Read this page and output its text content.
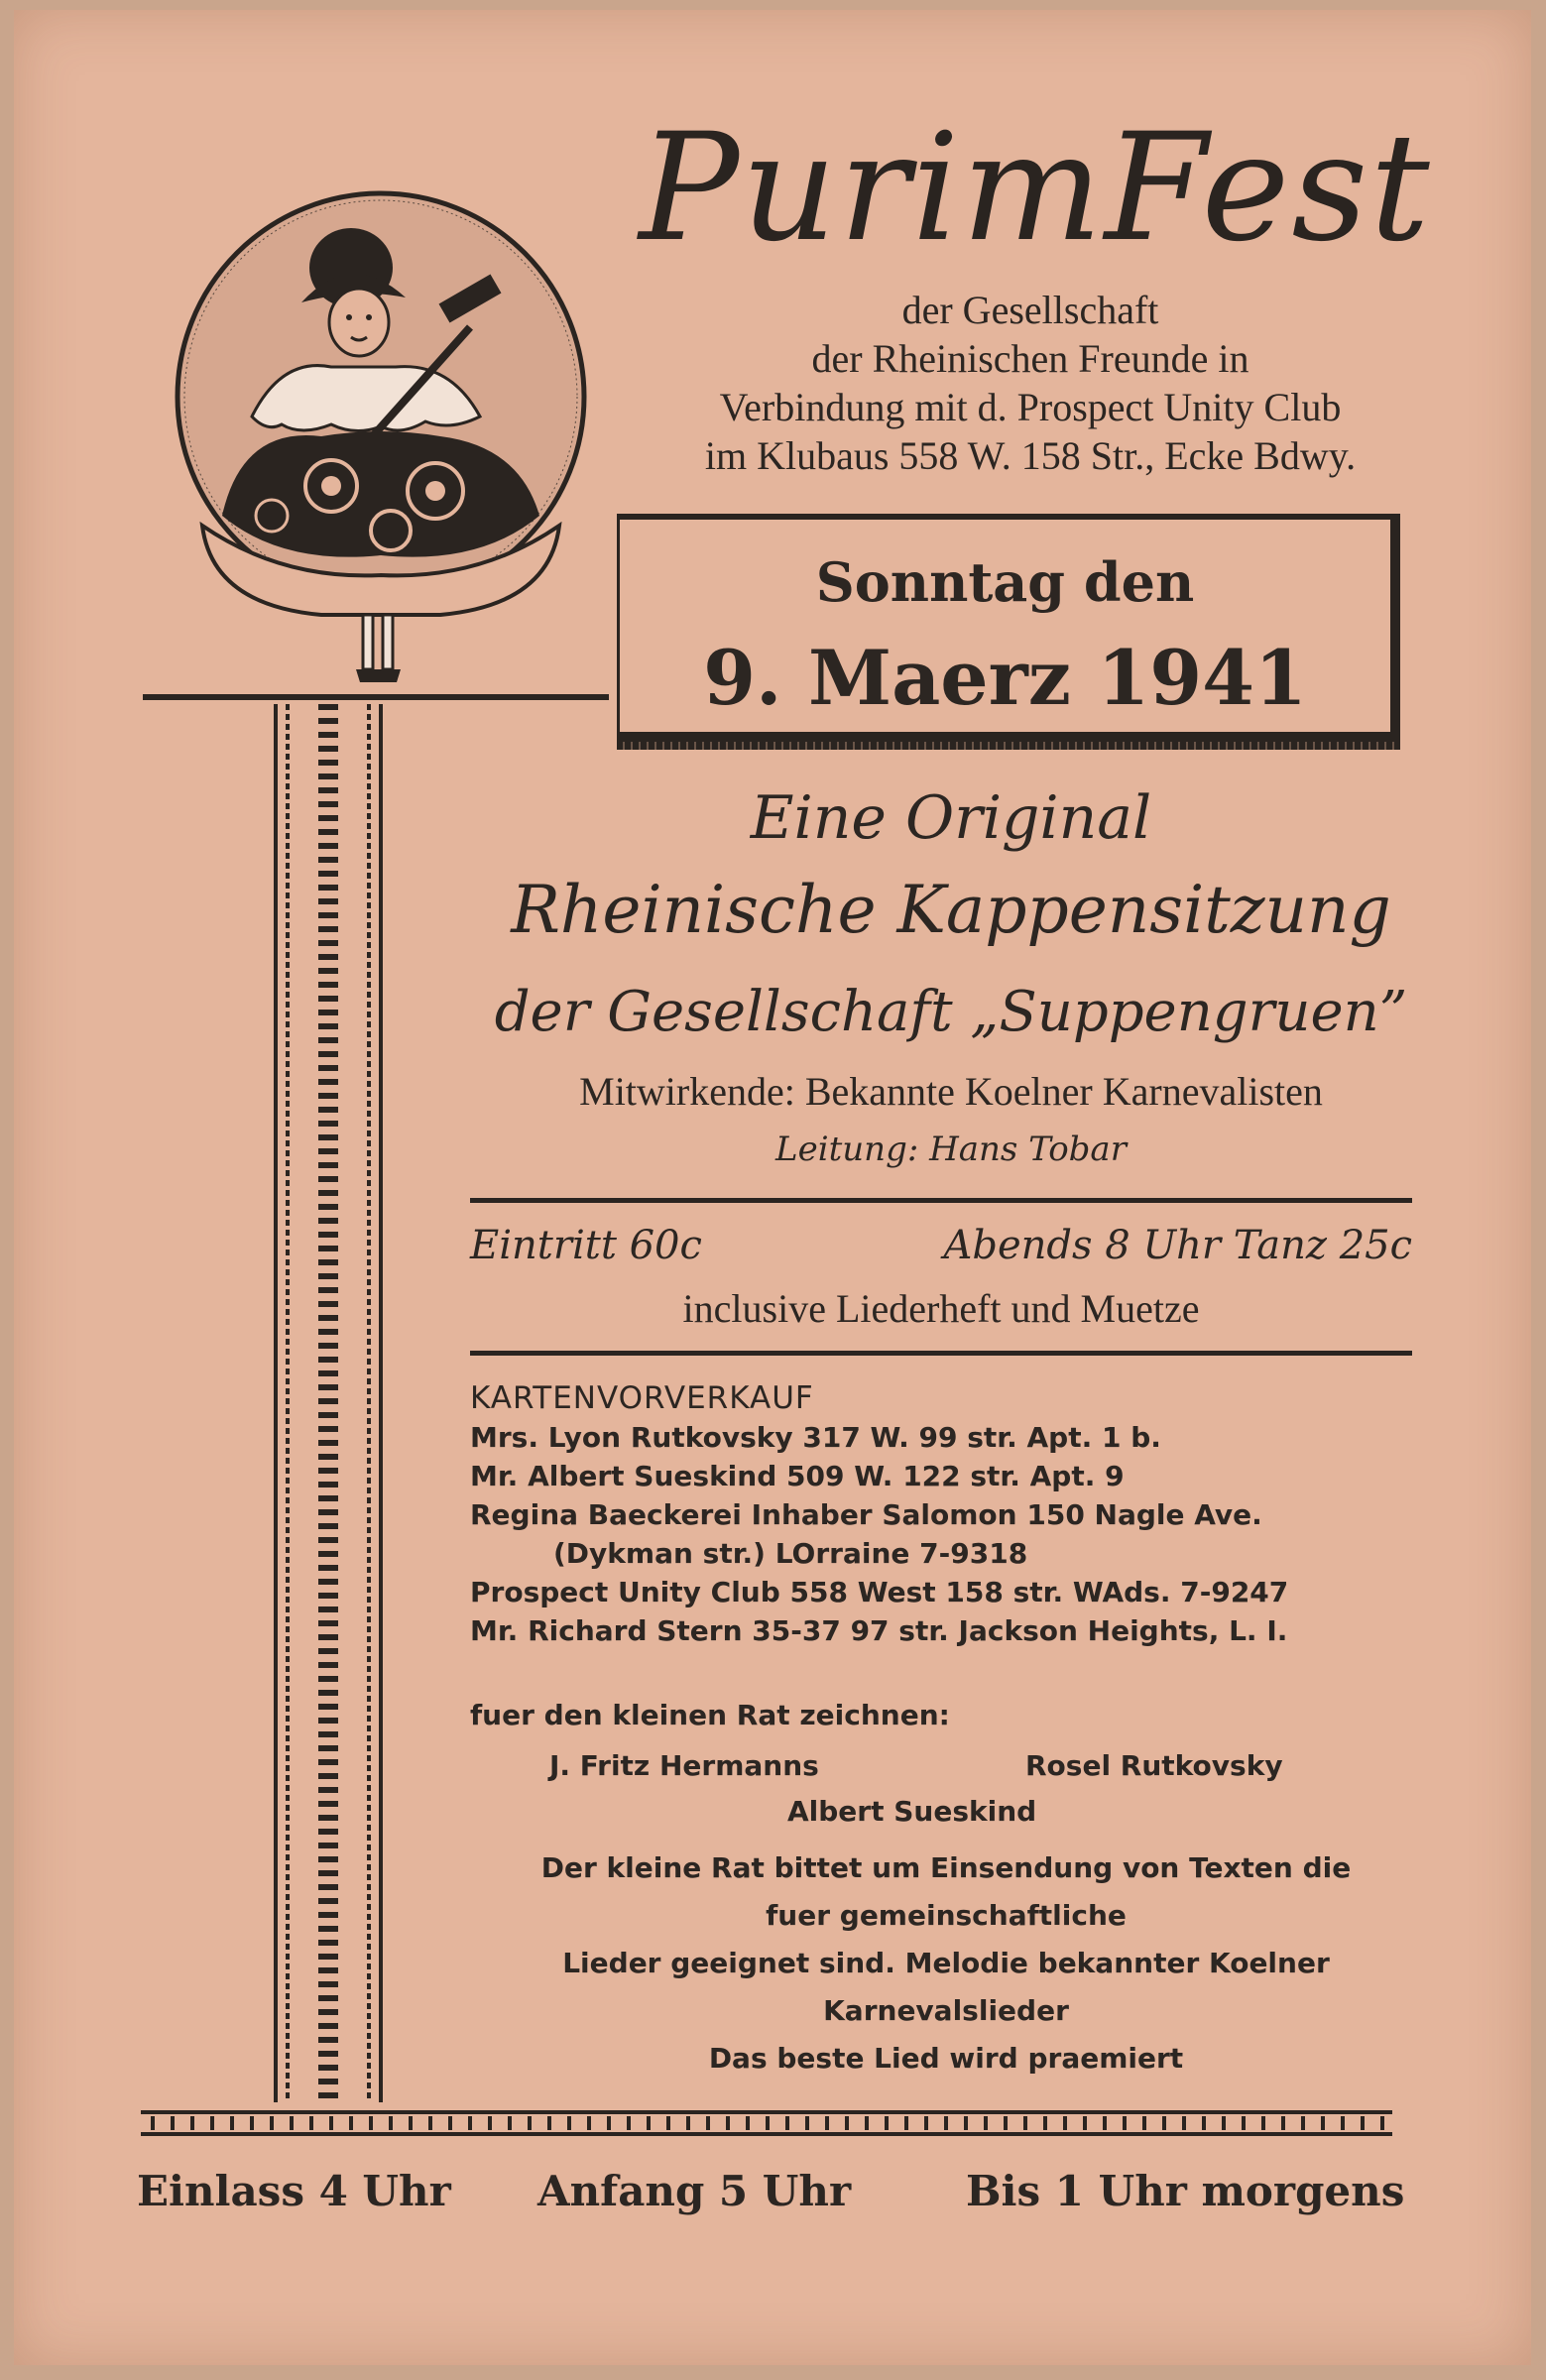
PurimFest
der Gesellschaft
der Rheinischen Freunde in
Verbindung mit d. Prospect Unity Club
im Klubaus 558 W. 158 Str., Ecke Bdwy.
Sonntag den
9. Maerz 1941
Eine Original
Rheinische Kappensitzung
der Gesellschaft „Suppengruen”
Mitwirkende: Bekannte Koelner Karnevalisten
Leitung: Hans Tobar
Eintritt 60c	Abends 8 Uhr Tanz 25c
inclusive Liederheft und Muetze
KARTENVORVERKAUF
Mrs. Lyon Rutkovsky 317 W. 99 str. Apt. 1 b.
Mr. Albert Sueskind 509 W. 122 str. Apt. 9
Regina Baeckerei Inhaber Salomon 150 Nagle Ave.
(Dykman str.) LOrraine 7-9318
Prospect Unity Club 558 West 158 str. WAds. 7-9247
Mr. Richard Stern 35-37 97 str. Jackson Heights, L. I.
fuer den kleinen Rat zeichnen:
J. Fritz Hermanns	Rosel Rutkovsky
Albert Sueskind
Der kleine Rat bittet um Einsendung von Texten die
fuer gemeinschaftliche
Lieder geeignet sind. Melodie bekannter Koelner
Karnevalslieder
Das beste Lied wird praemiert
Einlass 4 Uhr Anfang 5 Uhr	Bis 1 Uhr morgens
